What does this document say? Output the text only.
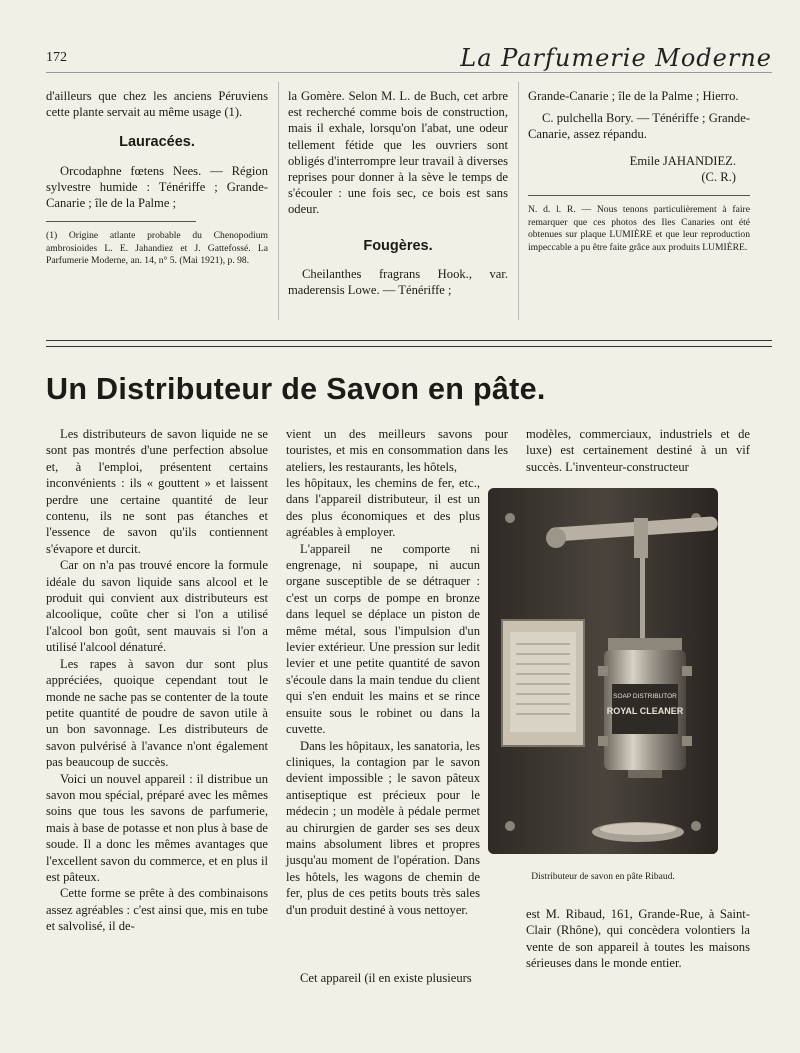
172	La Parfumerie Moderne

d'ailleurs que chez les anciens Péruviens cette plante servait au même usage (1).

Lauracées.

Orcodaphne fœtens Nees. — Région sylvestre humide : Ténériffe ; Grande-Canarie ; île de la Palme ;

(1) Origine atlante probable du Chenopodium ambrosioides L. E. Jahandiez et J. Gattefossé. La Parfumerie Moderne, an. 14, n° 5. (Mai 1921), p. 98.

la Gomère. Selon M. L. de Buch, cet arbre est recherché comme bois de construction, mais il exhale, lorsqu'on l'abat, une odeur tellement fétide que les ouvriers sont obligés d'interrompre leur travail à diverses reprises pour donner à la sève le temps de s'écouler : une fois sec, ce bois est sans odeur.

Fougères.

Cheilanthes fragrans Hook., var. maderensis Lowe. — Ténériffe ;

Grande-Canarie ; île de la Palme ; Hierro.

C. pulchella Bory. — Ténériffe ; Grande-Canarie, assez répandu.

Emile JAHANDIEZ.

(C. R.)

N. d. l. R. — Nous tenons particulièrement à faire remarquer que ces photos des Iles Canaries ont été obtenues sur plaque LUMIÈRE et que leur reproduction impeccable a pu être faite grâce aux produits LUMIÈRE.

Un Distributeur de Savon en pâte.

Les distributeurs de savon liquide ne se sont pas montrés d'une perfection absolue et, à l'emploi, présentent certains inconvénients : ils « gouttent » et laissent perdre une certaine quantité de leur contenu, ils ne sont pas étanches et l'essence de savon qu'ils contiennent s'évapore et durcit.

Car on n'a pas trouvé encore la formule idéale du savon liquide sans alcool et le produit qui convient aux distributeurs est alcoolique, coûte cher si l'on a utilisé l'alcool bon goût, sent mauvais si l'on a utilisé l'alcool dénaturé.

Les rapes à savon dur sont plus appréciées, quoique cependant tout le monde ne sache pas se contenter de la toute petite quantité de poudre de savon utile à un bon savonnage. Les distributeurs de savon pulvérisé à l'avance n'ont également pas beaucoup de succès.

Voici un nouvel appareil : il distribue un savon mou spécial, préparé avec les mêmes soins que tous les savons de parfumerie, mais à base de potasse et non plus à base de soude. Il a donc les mêmes avantages que l'excellent savon du commerce, et en plus il est pâteux.

Cette forme se prête à des combinaisons assez agréables : c'est ainsi que, mis en tube et salvolisé, il de-

vient un des meilleurs savons pour touristes, et mis en consommation dans les ateliers, les restaurants, les hôtels,

les hôpitaux, les chemins de fer, etc., dans l'appareil distributeur, il est un des plus économiques et des plus agréables à employer.

L'appareil ne comporte ni engrenage, ni soupape, ni aucun organe susceptible de se détraquer : c'est un corps de pompe en bronze dans lequel se déplace un piston de même métal, sous l'impulsion d'un levier extérieur. Une pression sur ledit levier et une petite quantité de savon s'écoule dans la main tendue du client qui s'en enduit les mains et se rince ensuite sous le robinet ou dans la cuvette.

Dans les hôpitaux, les sanatoria, les cliniques, la contagion par le savon devient impossible ; le savon pâteux antiseptique est précieux pour le médecin ; un modèle à pédale permet au chirurgien de garder ses ses deux mains absolument libres et propres jusqu'au moment de l'opération. Dans les hôtels, les wagons de chemin de fer, plus de ces petits bouts très sales d'un produit destiné à vous nettoyer.

Cet appareil (il en existe plusieurs

modèles, commerciaux, industriels et de luxe) est certainement destiné à un vif succès. L'inventeur-constructeur

est M. Ribaud, 161, Grande-Rue, à Saint-Clair (Rhône), qui concèdera volontiers la vente de son appareil à toutes les maisons sérieuses dans le monde entier.

SOAP DISTRIBUTOR
ROYAL CLEANER
Distributeur de savon en pâte Ribaud.
